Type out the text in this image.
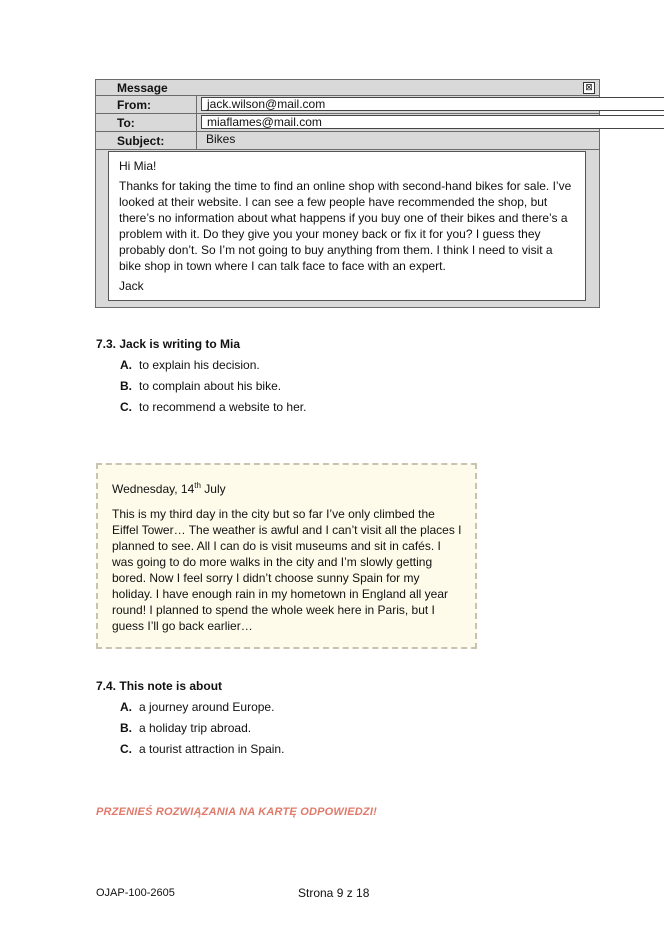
Message	⊠
From:	jack.wilson@mail.com
To:	miaflames@mail.com
Subject:	Bikes

Hi Mia!

Thanks for taking the time to find an online shop with second-hand bikes for sale. I’ve looked at their website. I can see a few people have recommended the shop, but there’s no information about what happens if you buy one of their bikes and there’s a problem with it. Do they give you your money back or fix it for you? I guess they probably don’t. So I’m not going to buy anything from them. I think I need to visit a bike shop in town where I can talk face to face with an expert.

Jack

7.3. Jack is writing to Mia
A. to explain his decision.
B. to complain about his bike.
C. to recommend a website to her.
Wednesday, 14th July
This is my third day in the city but so far I’ve only climbed the Eiffel Tower… The weather is awful and I can’t visit all the places I planned to see. All I can do is visit museums and sit in cafés. I was going to do more walks in the city and I’m slowly getting bored. Now I feel sorry I didn’t choose sunny Spain for my holiday. I have enough rain in my hometown in England all year round! I planned to spend the whole week here in Paris, but I guess I’ll go back earlier…
7.4. This note is about
A. a journey around Europe.
B. a holiday trip abroad.
C. a tourist attraction in Spain.
PRZENIEŚ ROZWIĄZANIA NA KARTĘ ODPOWIEDZI!
OJAP-100-2605	Strona 9 z 18
